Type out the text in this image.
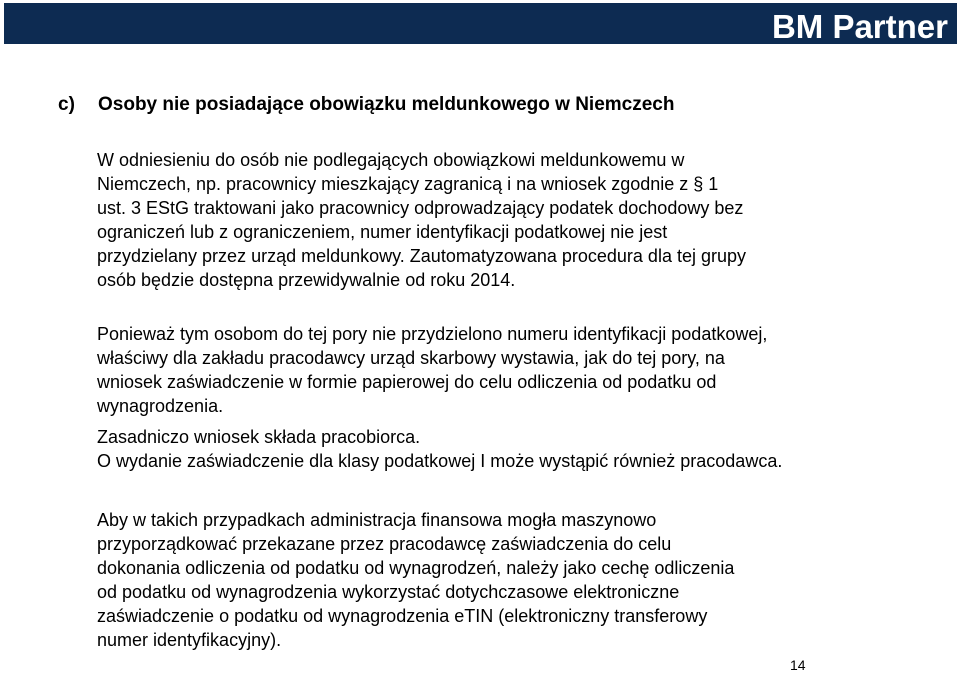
BM Partner
c) Osoby nie posiadające obowiązku meldunkowego w Niemczech
W odniesieniu do osób nie podlegających obowiązkowi meldunkowemu w
Niemczech, np. pracownicy mieszkający zagranicą i na wniosek zgodnie z § 1
ust. 3 EStG traktowani jako pracownicy odprowadzający podatek dochodowy bez
ograniczeń lub z ograniczeniem, numer identyfikacji podatkowej nie jest
przydzielany przez urząd meldunkowy. Zautomatyzowana procedura dla tej grupy
osób będzie dostępna przewidywalnie od roku 2014.
Ponieważ tym osobom do tej pory nie przydzielono numeru identyfikacji podatkowej,
właściwy dla zakładu pracodawcy urząd skarbowy wystawia, jak do tej pory, na
wniosek zaświadczenie w formie papierowej do celu odliczenia od podatku od
wynagrodzenia.
Zasadniczo wniosek składa pracobiorca.
O wydanie zaświadczenie dla klasy podatkowej I może wystąpić również pracodawca.
Aby w takich przypadkach administracja finansowa mogła maszynowo
przyporządkować przekazane przez pracodawcę zaświadczenia do celu
dokonania odliczenia od podatku od wynagrodzeń, należy jako cechę odliczenia
od podatku od wynagrodzenia wykorzystać dotychczasowe elektroniczne
zaświadczenie o podatku od wynagrodzenia eTIN (elektroniczny transferowy
numer identyfikacyjny).
14
